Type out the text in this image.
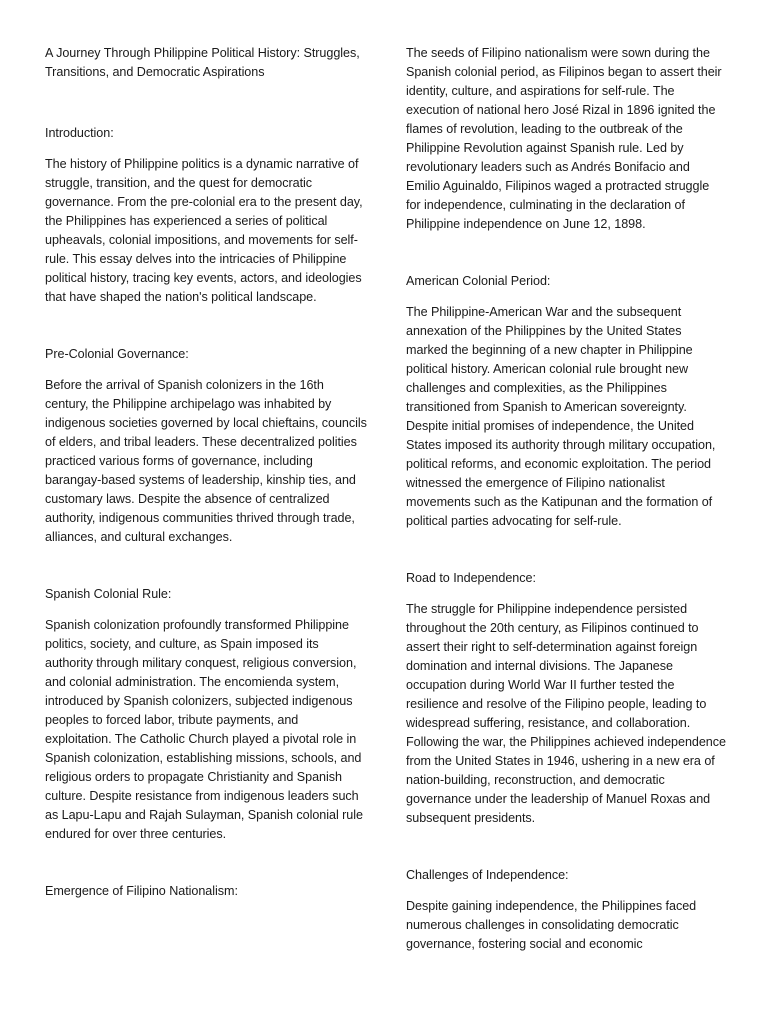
A Journey Through Philippine Political History: Struggles, Transitions, and Democratic Aspirations

Introduction:

The history of Philippine politics is a dynamic narrative of struggle, transition, and the quest for democratic governance. From the pre-colonial era to the present day, the Philippines has experienced a series of political upheavals, colonial impositions, and movements for self-rule. This essay delves into the intricacies of Philippine political history, tracing key events, actors, and ideologies that have shaped the nation's political landscape.

Pre-Colonial Governance:

Before the arrival of Spanish colonizers in the 16th century, the Philippine archipelago was inhabited by indigenous societies governed by local chieftains, councils of elders, and tribal leaders. These decentralized polities practiced various forms of governance, including barangay-based systems of leadership, kinship ties, and customary laws. Despite the absence of centralized authority, indigenous communities thrived through trade, alliances, and cultural exchanges.

Spanish Colonial Rule:

Spanish colonization profoundly transformed Philippine politics, society, and culture, as Spain imposed its authority through military conquest, religious conversion, and colonial administration. The encomienda system, introduced by Spanish colonizers, subjected indigenous peoples to forced labor, tribute payments, and exploitation. The Catholic Church played a pivotal role in Spanish colonization, establishing missions, schools, and religious orders to propagate Christianity and Spanish culture. Despite resistance from indigenous leaders such as Lapu-Lapu and Rajah Sulayman, Spanish colonial rule endured for over three centuries.

Emergence of Filipino Nationalism:

The seeds of Filipino nationalism were sown during the Spanish colonial period, as Filipinos began to assert their identity, culture, and aspirations for self-rule. The execution of national hero José Rizal in 1896 ignited the flames of revolution, leading to the outbreak of the Philippine Revolution against Spanish rule. Led by revolutionary leaders such as Andrés Bonifacio and Emilio Aguinaldo, Filipinos waged a protracted struggle for independence, culminating in the declaration of Philippine independence on June 12, 1898.

American Colonial Period:

The Philippine-American War and the subsequent annexation of the Philippines by the United States marked the beginning of a new chapter in Philippine political history. American colonial rule brought new challenges and complexities, as the Philippines transitioned from Spanish to American sovereignty. Despite initial promises of independence, the United States imposed its authority through military occupation, political reforms, and economic exploitation. The period witnessed the emergence of Filipino nationalist movements such as the Katipunan and the formation of political parties advocating for self-rule.

Road to Independence:

The struggle for Philippine independence persisted throughout the 20th century, as Filipinos continued to assert their right to self-determination against foreign domination and internal divisions. The Japanese occupation during World War II further tested the resilience and resolve of the Filipino people, leading to widespread suffering, resistance, and collaboration. Following the war, the Philippines achieved independence from the United States in 1946, ushering in a new era of nation-building, reconstruction, and democratic governance under the leadership of Manuel Roxas and subsequent presidents.

Challenges of Independence:

Despite gaining independence, the Philippines faced numerous challenges in consolidating democratic governance, fostering social and economic
